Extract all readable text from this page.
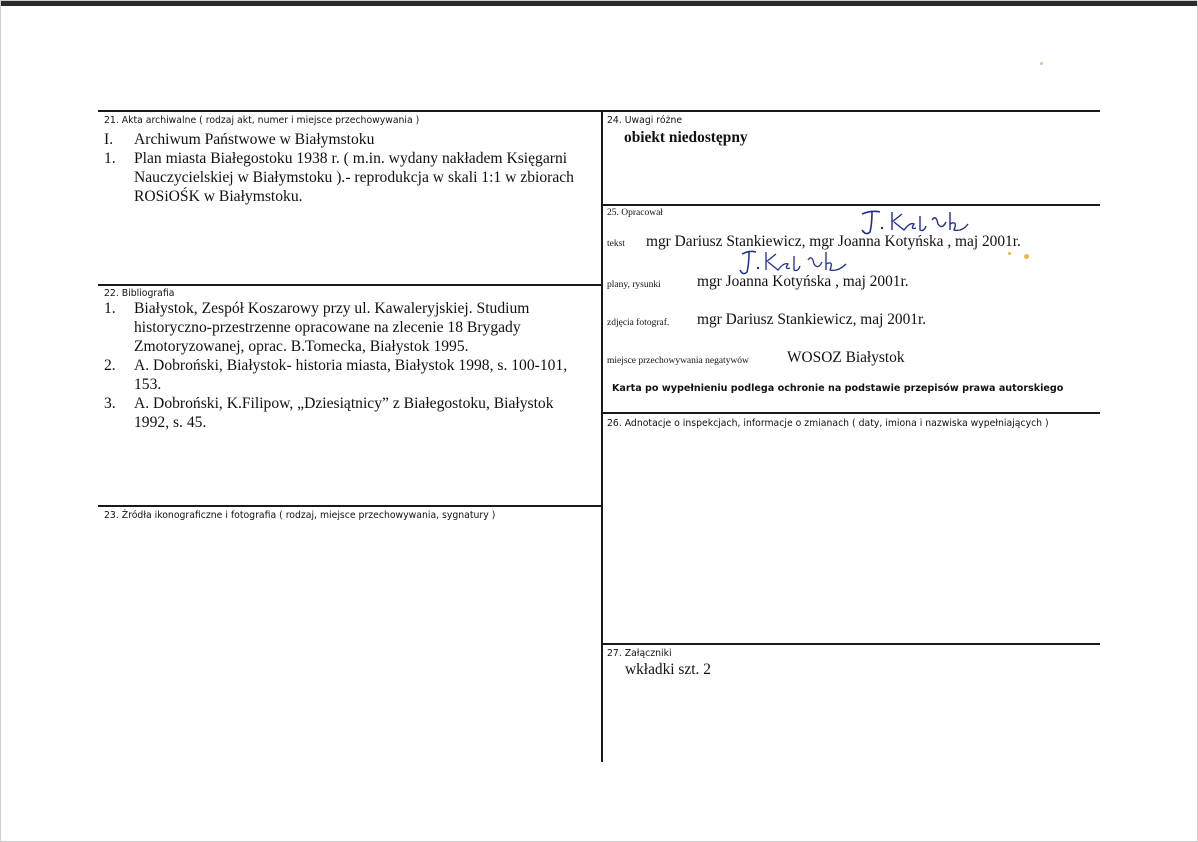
21. Akta archiwalne ( rodzaj akt, numer i miejsce przechowywania )
I. Archiwum Państwowe w Białymstoku
1. Plan miasta Białegostoku 1938 r. ( m.in. wydany nakładem Księgarni Nauczycielskiej w Białymstoku ).- reprodukcja w skali 1:1 w zbiorach ROSiOŚK w Białymstoku.
22. Bibliografia
1. Białystok, Zespół Koszarowy przy ul. Kawaleryjskiej. Studium historyczno-przestrzenne opracowane na zlecenie 18 Brygady Zmotoryzowanej, oprac. B.Tomecka, Białystok 1995.
2. A. Dobroński, Białystok- historia miasta, Białystok 1998, s. 100-101, 153.
3. A. Dobroński, K.Filipow, „Dziesiątnicy” z Białegostoku, Białystok 1992, s. 45.
23. Źródła ikonograficzne i fotografia ( rodzaj, miejsce przechowywania, sygnatury )
24. Uwagi różne
obiekt niedostępny
25. Opracował
tekst mgr Dariusz Stankiewicz, mgr Joanna Kotyńska , maj 2001r.
plany, rysunki mgr Joanna Kotyńska , maj 2001r.
zdjęcia fotograf. mgr Dariusz Stankiewicz, maj 2001r.
miejsce przechowywania negatywów WOSOZ Białystok
Karta po wypełnieniu podlega ochronie na podstawie przepisów prawa autorskiego
26. Adnotacje o inspekcjach, informacje o zmianach ( daty, imiona i nazwiska wypełniających )
27. Załączniki
wkładki szt. 2
